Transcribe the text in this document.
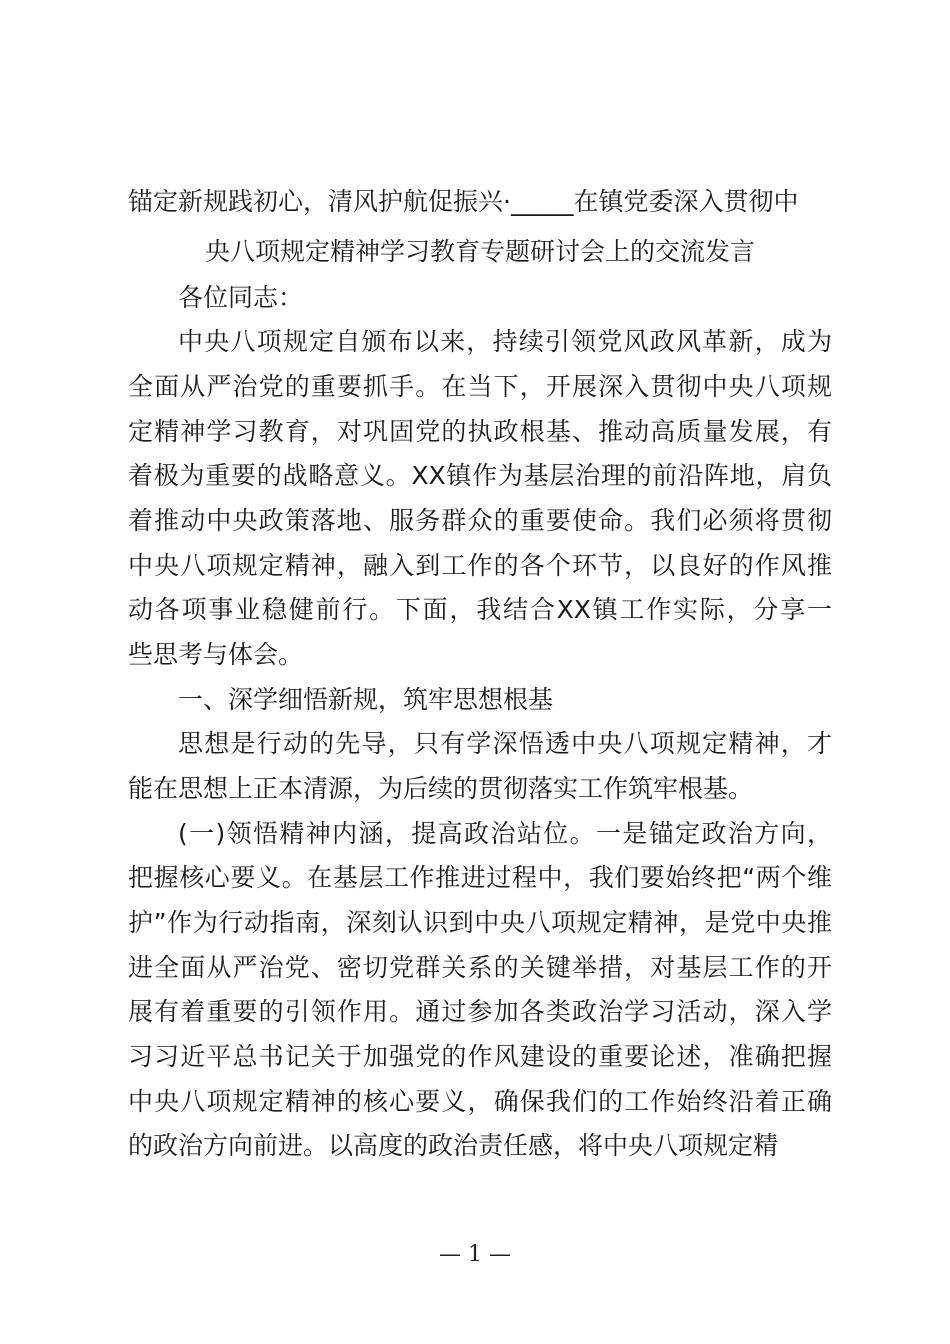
锚定新规践初心，清风护航促振兴·_____在镇党委深入贯彻中
央八项规定精神学习教育专题研讨会上的交流发言

各位同志：

中央八项规定自颁布以来，持续引领党风政风革新，成为

全面从严治党的重要抓手。在当下，开展深入贯彻中央八项规

定精神学习教育，对巩固党的执政根基、推动高质量发展，有

着极为重要的战略意义。XX镇作为基层治理的前沿阵地，肩负

着推动中央政策落地、服务群众的重要使命。我们必须将贯彻

中央八项规定精神，融入到工作的各个环节，以良好的作风推

动各项事业稳健前行。下面，我结合XX镇工作实际，分享一

些思考与体会。

一、深学细悟新规，筑牢思想根基

思想是行动的先导，只有学深悟透中央八项规定精神，才

能在思想上正本清源，为后续的贯彻落实工作筑牢根基。

(一)领悟精神内涵，提高政治站位。一是锚定政治方向，

把握核心要义。在基层工作推进过程中，我们要始终把“两个维

护”作为行动指南，深刻认识到中央八项规定精神，是党中央推

进全面从严治党、密切党群关系的关键举措，对基层工作的开

展有着重要的引领作用。通过参加各类政治学习活动，深入学

习习近平总书记关于加强党的作风建设的重要论述，准确把握

中央八项规定精神的核心要义，确保我们的工作始终沿着正确

的政治方向前进。以高度的政治责任感，将中央八项规定精

— 1 —
